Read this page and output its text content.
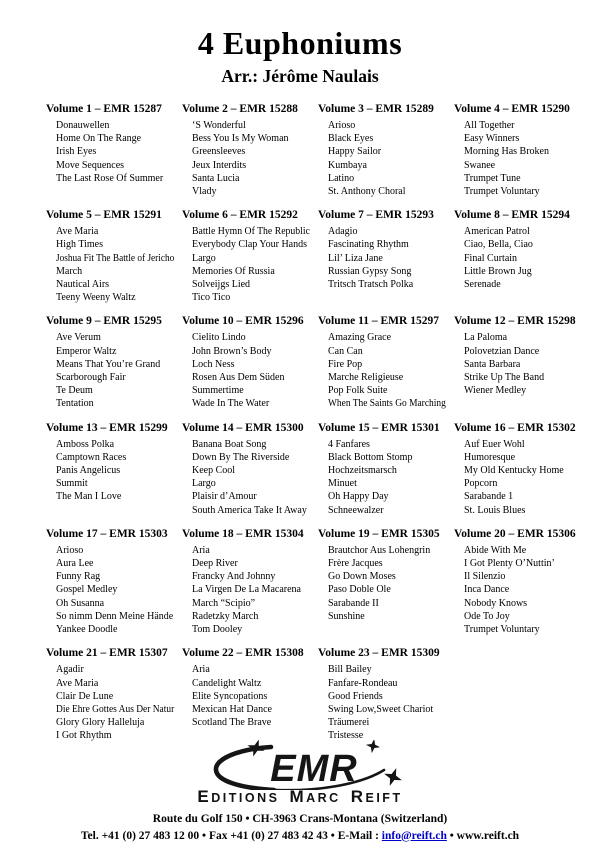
4 Euphoniums
Arr.: Jérôme Naulais
Volume 1 – EMR 15287
Donauwellen
Home On The Range
Irish Eyes
Move Sequences
The Last Rose Of Summer
Volume 2 – EMR 15288
‘S Wonderful
Bess You Is My Woman
Greensleeves
Jeux Interdits
Santa Lucia
Vlady
Volume 3 – EMR 15289
Arioso
Black Eyes
Happy Sailor
Kumbaya
Latino
St. Anthony Choral
Volume 4 – EMR 15290
All Together
Easy Winners
Morning Has Broken
Swanee
Trumpet Tune
Trumpet Voluntary
Volume 5 – EMR 15291
Ave Maria
High Times
Joshua Fit The Battle of Jericho
March
Nautical Airs
Teeny Weeny Waltz
Volume 6 – EMR 15292
Battle Hymn Of The Republic
Everybody Clap Your Hands
Largo
Memories Of Russia
Solveijgs Lied
Tico Tico
Volume 7 – EMR 15293
Adagio
Fascinating Rhythm
Lil’ Liza Jane
Russian Gypsy Song
Tritsch Tratsch Polka
Volume 8 – EMR 15294
American Patrol
Ciao, Bella, Ciao
Final Curtain
Little Brown Jug
Serenade
Volume 9 – EMR 15295
Ave Verum
Emperor Waltz
Means That You’re Grand
Scarborough Fair
Te Deum
Tentation
Volume 10 – EMR 15296
Cielito Lindo
John Brown’s Body
Loch Ness
Rosen Aus Dem Süden
Summertime
Wade In The Water
Volume 11 – EMR 15297
Amazing Grace
Can Can
Fire Pop
Marche Religieuse
Pop Folk Suite
When The Saints Go Marching
Volume 12 – EMR 15298
La Paloma
Polovetzian Dance
Santa Barbara
Strike Up The Band
Wiener Medley
Volume 13 – EMR 15299
Amboss Polka
Camptown Races
Panis Angelicus
Summit
The Man I Love
Volume 14 – EMR 15300
Banana Boat Song
Down By The Riverside
Keep Cool
Largo
Plaisir d’Amour
South America Take It Away
Volume 15 – EMR 15301
4 Fanfares
Black Bottom Stomp
Hochzeitsmarsch
Minuet
Oh Happy Day
Schneewalzer
Volume 16 – EMR 15302
Auf Euer Wohl
Humoresque
My Old Kentucky Home
Popcorn
Sarabande 1
St. Louis Blues
Volume 17 – EMR 15303
Arioso
Aura Lee
Funny Rag
Gospel Medley
Oh Susanna
So nimm Denn Meine Hände
Yankee Doodle
Volume 18 – EMR 15304
Aria
Deep River
Francky And Johnny
La Virgen De La Macarena
March “Scipio”
Radetzky March
Tom Dooley
Volume 19 – EMR 15305
Brautchor Aus Lohengrin
Frère Jacques
Go Down Moses
Paso Doble Ole
Sarabande II
Sunshine
Volume 20 – EMR 15306
Abide With Me
I Got Plenty O’Nuttin’
Il Silenzio
Inca Dance
Nobody Knows
Ode To Joy
Trumpet Voluntary
Volume 21 – EMR 15307
Agadir
Ave Maria
Clair De Lune
Die Ehre Gottes Aus Der Natur
Glory Glory Halleluja
I Got Rhythm
Volume 22 – EMR 15308
Aria
Candelight Waltz
Elite Syncopations
Mexican Hat Dance
Scotland The Brave
Volume 23 – EMR 15309
Bill Bailey
Fanfare-Rondeau
Good Friends
Swing Low,Sweet Chariot
Träumerei
Tristesse
EMR
EDITIONS MARC REIFT
Route du Golf 150 • CH-3963 Crans-Montana (Switzerland)
Tel. +41 (0) 27 483 12 00 • Fax +41 (0) 27 483 42 43 • E-Mail : info@reift.ch • www.reift.ch
